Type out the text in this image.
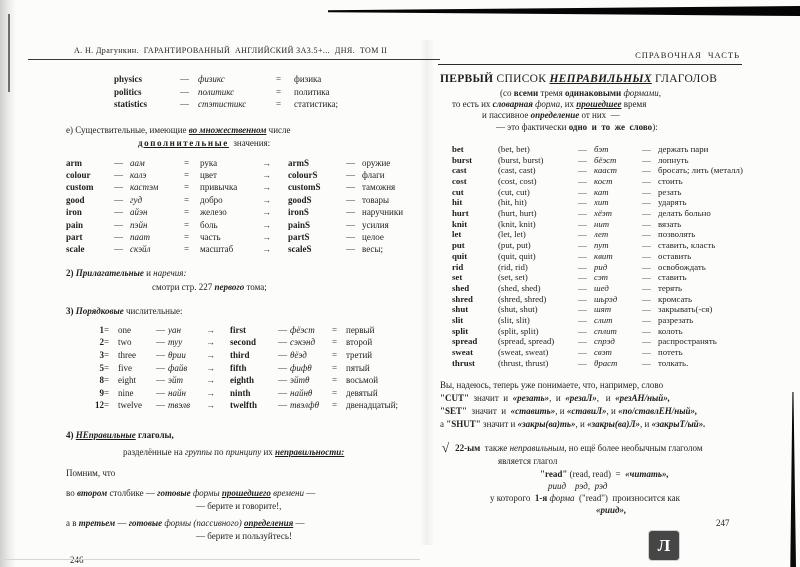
А. Н. Драгункин.  ГАРАНТИРОВАННЫЙ  АНГЛИЙСКИЙ ЗА3.5+...  ДНЯ.  ТОМ II
physics	—	физикс	=	физика
politics	—	политикс	=	политика
statistics	—	стэтистикс	=	статистика;
е) Существительные, имеющие во множественном числе
дополнительные  значения:
arm	— аам	=	рука	→	armS	— оружие
colour	— калэ	=	цвет	→	colourS	— флаги
custom	— кастэм	=	привычка	→	customS	— таможня
good	— гуд	=	добро	→	goodS	— товары
iron	— айэн	=	железо	→	ironS	— наручники
pain	— пэйн	=	боль	→	painS	— усилия
part	— паат	=	часть	→	partS	— целое
scale	— скэйл	=	масштаб	→	scaleS	— весы;
2) Прилагательные и наречия:
смотри стр. 227 первого тома;
3) Порядковые числительные:
1 = one	— уан	→	first	— фёэст	= первый
2 = two	— туу	→	second	— сэкэнд	= второй
3 = three	— θрии	→	third	— θёэд	= третий
5 = five	— файв	→	fifth	— фифθ	= пятый
8 = eight	— эйт	→	eighth	— эйтθ	= восьмой
9 = nine	— найн	→	ninth	— найнθ	= девятый
12 = twelve	— твэлв	→	twelfth	— твэлфθ	= двенадцатый;
4) НЕправильные глаголы,
разделённые на группы по принципу их неправильности:
Помним, что
во втором столбике — готовые формы прошедшего времени —
— берите и говорите!,
а в третьем — готовые формы (пассивного) определения —
— берите и пользуйтесь!
СПРАВОЧНАЯ  ЧАСТЬ
ПЕРВЫЙ СПИСОК НЕПРАВИЛЬНЫХ ГЛАГОЛОВ
(со всеми тремя одинаковыми формами,
то есть их словарная форма, их прошедшее время
и пассивное определение от них  —
— это фактически одно  и  то  же  слово):
bet	(bet, bet)	— бэт	— держать пари
burst	(burst, burst)	— бёэст	— лопнуть
cast	(cast, cast)	— кааст	— бросать; лить (металл)
cost	(cost, cost)	— кост	— стоить
cut	(cut, cut)	— кат	— резать
hit	(hit, hit)	— хит	— ударять
hurt	(hurt, hurt)	— хёэт	— делать больно
knit	(knit, knit)	— нит	— вязать
let	(let, let)	— лет	— позволять
put	(put, put)	— пут	— ставить, класть
quit	(quit, quit)	— квит	— оставить
rid	(rid, rid)	— рид	— освобождать
set	(set, set)	— сэт	— ставить
shed	(shed, shed)	— шед	— терять
shred	(shred, shred)	— шьрэд	— кромсать
shut	(shut, shut)	— шят	— закрывать(-ся)
slit	(slit, slit)	— слит	— разрезать
split	(split, split)	— сплит	— колоть
spread	(spread, spread)	— спрэд	— распространять
sweat	(sweat, sweat)	— свэт	— потеть
thrust	(thrust, thrust)	— θраст	— толкать.
Вы, надеюсь, теперь уже понимаете, что, например, слово
"CUT"  значит  и  «резать»,  и  «резаЛ»,   и  «резАН/ный»,
"SET"  значит  и  «ставить», и «ставиЛ», и «по/ставлЕН/ный»,
а "SHUT" значит и «закры(ва)ть», и «закры(ва)Л», и «закрыТ/ый».
√ 22-ым  также неправильным, но ещё более необычным глаголом
является глагол
"read" (read, read)  =  «читать»,
риид    рэд,  рэд
у которого  1-я форма  ("read")  произносится как
«риид»,
247
Л
